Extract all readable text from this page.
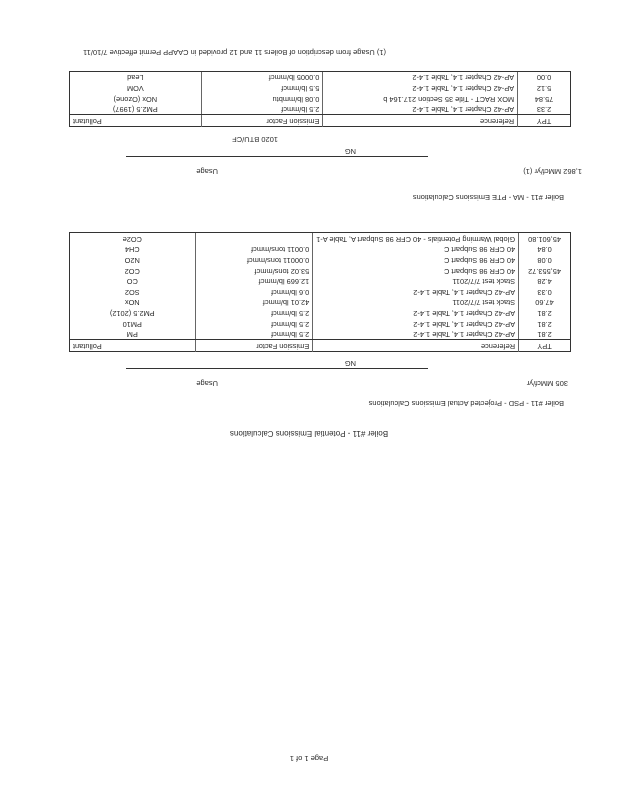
Boiler #11 - Potential Emissions Calculations
Boiler #11 - PSD - Projected Actual Emissions Calculations
305 MMcf/yr
Usage
NG
TPY	Reference	Emission Factor	Pollutant
2.81	AP-42 Chapter 1.4, Table 1.4-2	2.5 lb/mmcf	PM
2.81	AP-42 Chapter 1.4, Table 1.4-2	2.5 lb/mmcf	PM10
2.81	AP-42 Chapter 1.4, Table 1.4-2	2.5 lb/mmcf	PM2.5 (2012)
47.60	Stack test 7/7/2011	42.01 lb/mmcf	NOx
0.33	AP-42 Chapter 1.4, Table 1.4-2	0.6 lb/mmcf	SO2
4.28	Stack test 7/7/2011	12.669 lb/mmcf	CO
45,553.72	40 CFR 98 Subpart C	53.02 tons/mmcf	CO2
0.08	40 CFR 98 Subpart C	0.00011 tons/mmcf	N2O
0.84	40 CFR 98 Subpart C	0.0011 tons/mmcf	CH4
45,601.80	Global Warming Potentials - 40 CFR 98 Subpart A, Table A-1		CO2e
Boiler #11 - MA - PTE Emissions Calculations
1,862 MMcf/yr (1)
Usage
NG
1020 BTU/CF
TPY	Reference	Emission Factor	Pollutant
2.33	AP-42 Chapter 1.4, Table 1.4-2	2.5 lb/mmcf	PM2.5 (1997)
75.84	MOX RACT - Title 35 Section 217.164 b	0.08 lb/mmbtu	NOx (Ozone)
5.12	AP-42 Chapter 1.4, Table 1.4-2	5.5 lb/mmcf	VOM
0.00	AP-42 Chapter 1.4, Table 1.4-2	0.0005 lb/mmcf	Lead
(1) Usage from description of Boilers 11 and 12 provided in CAAPP Permit effective 7/10/11
Page 1 of 1
